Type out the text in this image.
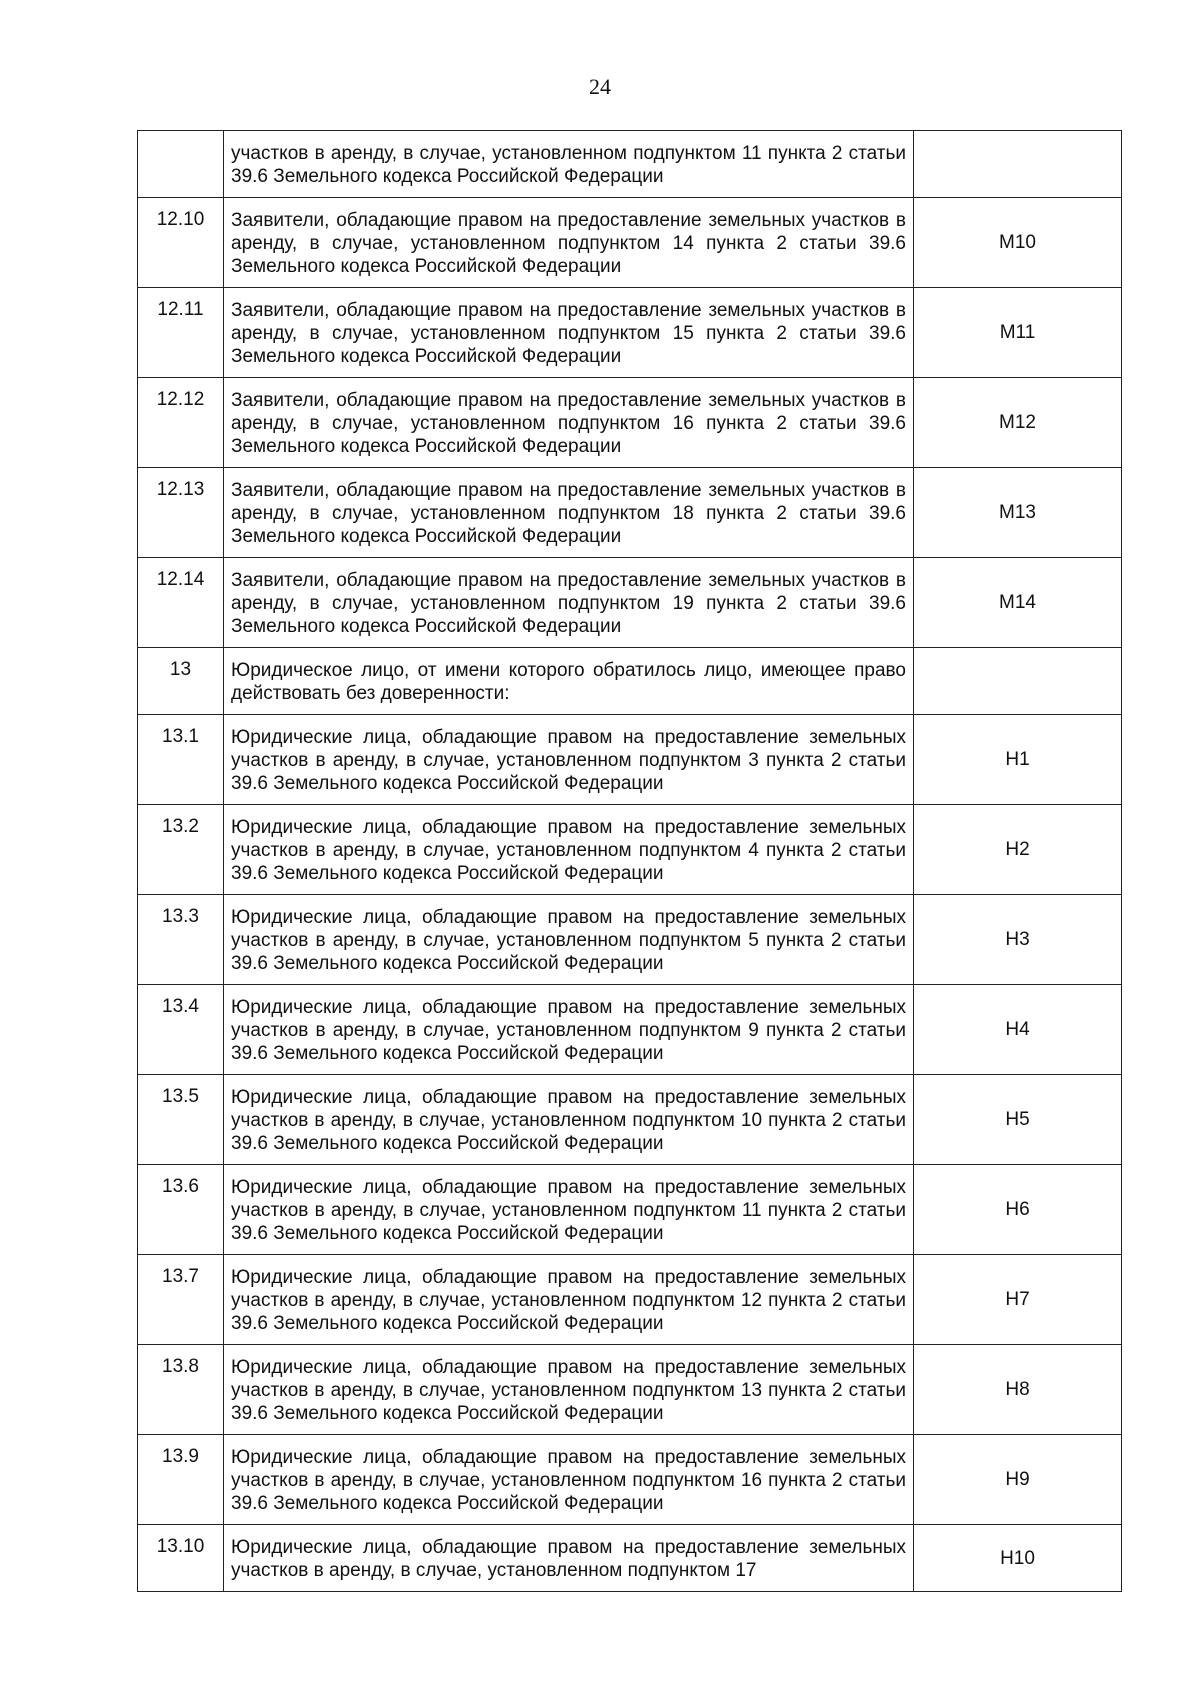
24
	участков в аренду, в случае, установленном подпунктом 11 пункта 2 статьи 39.6 Земельного кодекса Российской Федерации	
12.10	Заявители, обладающие правом на предоставление земельных участков в аренду, в случае, установленном подпунктом 14 пункта 2 статьи 39.6 Земельного кодекса Российской Федерации	М10
12.11	Заявители, обладающие правом на предоставление земельных участков в аренду, в случае, установленном подпунктом 15 пункта 2 статьи 39.6 Земельного кодекса Российской Федерации	М11
12.12	Заявители, обладающие правом на предоставление земельных участков в аренду, в случае, установленном подпунктом 16 пункта 2 статьи 39.6 Земельного кодекса Российской Федерации	М12
12.13	Заявители, обладающие правом на предоставление земельных участков в аренду, в случае, установленном подпунктом 18 пункта 2 статьи 39.6 Земельного кодекса Российской Федерации	М13
12.14	Заявители, обладающие правом на предоставление земельных участков в аренду, в случае, установленном подпунктом 19 пункта 2 статьи 39.6 Земельного кодекса Российской Федерации	М14
13	Юридическое лицо, от имени которого обратилось лицо, имеющее право действовать без доверенности:	
13.1	Юридические лица, обладающие правом на предоставление земельных участков в аренду, в случае, установленном подпунктом 3 пункта 2 статьи 39.6 Земельного кодекса Российской Федерации	Н1
13.2	Юридические лица, обладающие правом на предоставление земельных участков в аренду, в случае, установленном подпунктом 4 пункта 2 статьи 39.6 Земельного кодекса Российской Федерации	Н2
13.3	Юридические лица, обладающие правом на предоставление земельных участков в аренду, в случае, установленном подпунктом 5 пункта 2 статьи 39.6 Земельного кодекса Российской Федерации	Н3
13.4	Юридические лица, обладающие правом на предоставление земельных участков в аренду, в случае, установленном подпунктом 9 пункта 2 статьи 39.6 Земельного кодекса Российской Федерации	Н4
13.5	Юридические лица, обладающие правом на предоставление земельных участков в аренду, в случае, установленном подпунктом 10 пункта 2 статьи 39.6 Земельного кодекса Российской Федерации	Н5
13.6	Юридические лица, обладающие правом на предоставление земельных участков в аренду, в случае, установленном подпунктом 11 пункта 2 статьи 39.6 Земельного кодекса Российской Федерации	Н6
13.7	Юридические лица, обладающие правом на предоставление земельных участков в аренду, в случае, установленном подпунктом 12 пункта 2 статьи 39.6 Земельного кодекса Российской Федерации	Н7
13.8	Юридические лица, обладающие правом на предоставление земельных участков в аренду, в случае, установленном подпунктом 13 пункта 2 статьи 39.6 Земельного кодекса Российской Федерации	Н8
13.9	Юридические лица, обладающие правом на предоставление земельных участков в аренду, в случае, установленном подпунктом 16 пункта 2 статьи 39.6 Земельного кодекса Российской Федерации	Н9
13.10	Юридические лица, обладающие правом на предоставление земельных участков в аренду, в случае, установленном подпунктом 17	Н10
